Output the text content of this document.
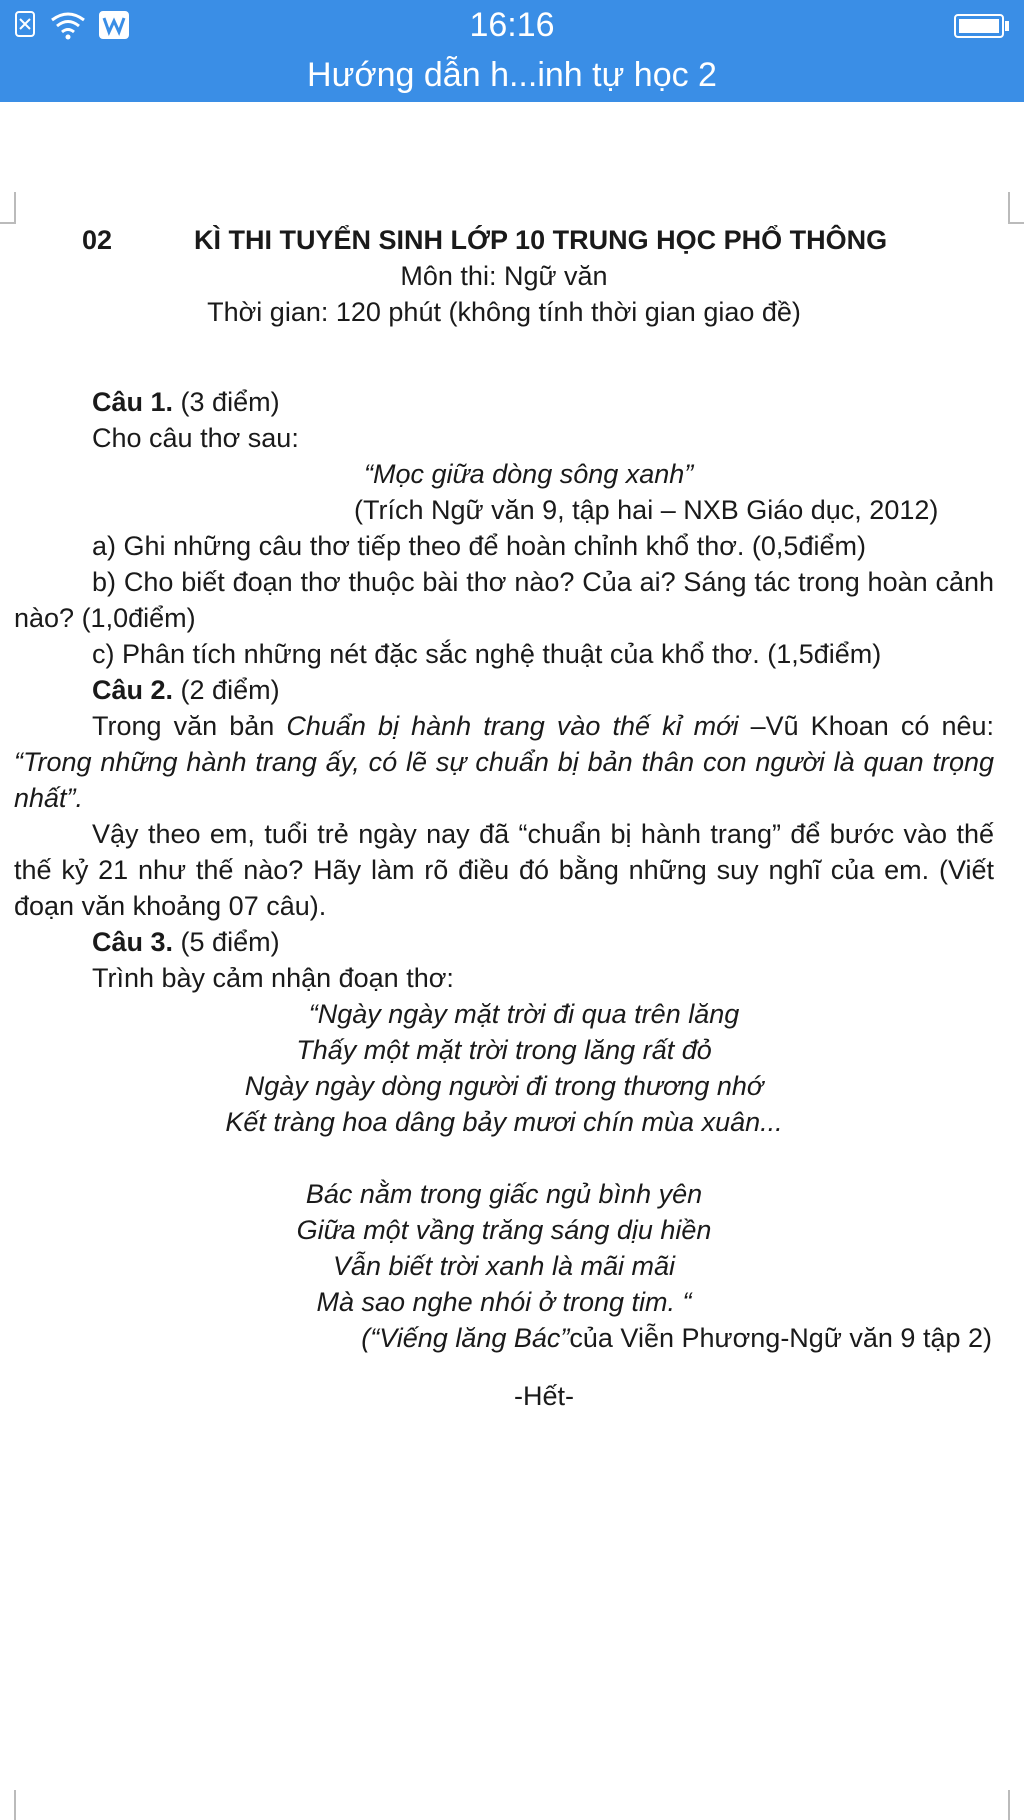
16:16
Hướng dẫn h...inh tự học 2
02	KÌ THI TUYỂN SINH LỚP 10 TRUNG HỌC PHỔ THÔNG
Môn thi: Ngữ văn
Thời gian: 120 phút (không tính thời gian giao đề)
Câu 1. (3 điểm)
Cho câu thơ sau:
“Mọc giữa dòng sông xanh”
(Trích Ngữ văn 9, tập hai – NXB Giáo dục, 2012)
a) Ghi những câu thơ tiếp theo để hoàn chỉnh khổ thơ. (0,5điểm)
b) Cho biết đoạn thơ thuộc bài thơ nào? Của ai? Sáng tác trong hoàn cảnh nào? (1,0điểm)
c) Phân tích những nét đặc sắc nghệ thuật của khổ thơ. (1,5điểm)
Câu 2. (2 điểm)
Trong văn bản Chuẩn bị hành trang vào thế kỉ mới –Vũ Khoan có nêu: “Trong những hành trang ấy, có lẽ sự chuẩn bị bản thân con người là quan trọng nhất”.
Vậy theo em, tuổi trẻ ngày nay đã “chuẩn bị hành trang” để bước vào thế thế kỷ 21 như thế nào? Hãy làm rõ điều đó bằng những suy nghĩ của em. (Viết đoạn văn khoảng 07 câu).
Câu 3. (5 điểm)
Trình bày cảm nhận đoạn thơ:
“Ngày ngày mặt trời đi qua trên lăng
Thấy một mặt trời trong lăng rất đỏ
Ngày ngày dòng người đi trong thương nhớ
Kết tràng hoa dâng bảy mươi chín mùa xuân...
Bác nằm trong giấc ngủ bình yên
Giữa một vầng trăng sáng dịu hiền
Vẫn biết trời xanh là mãi mãi
Mà sao nghe nhói ở trong tim. “
(“Viếng lăng Bác”của Viễn Phương-Ngữ văn 9 tập 2)
-Hết-
